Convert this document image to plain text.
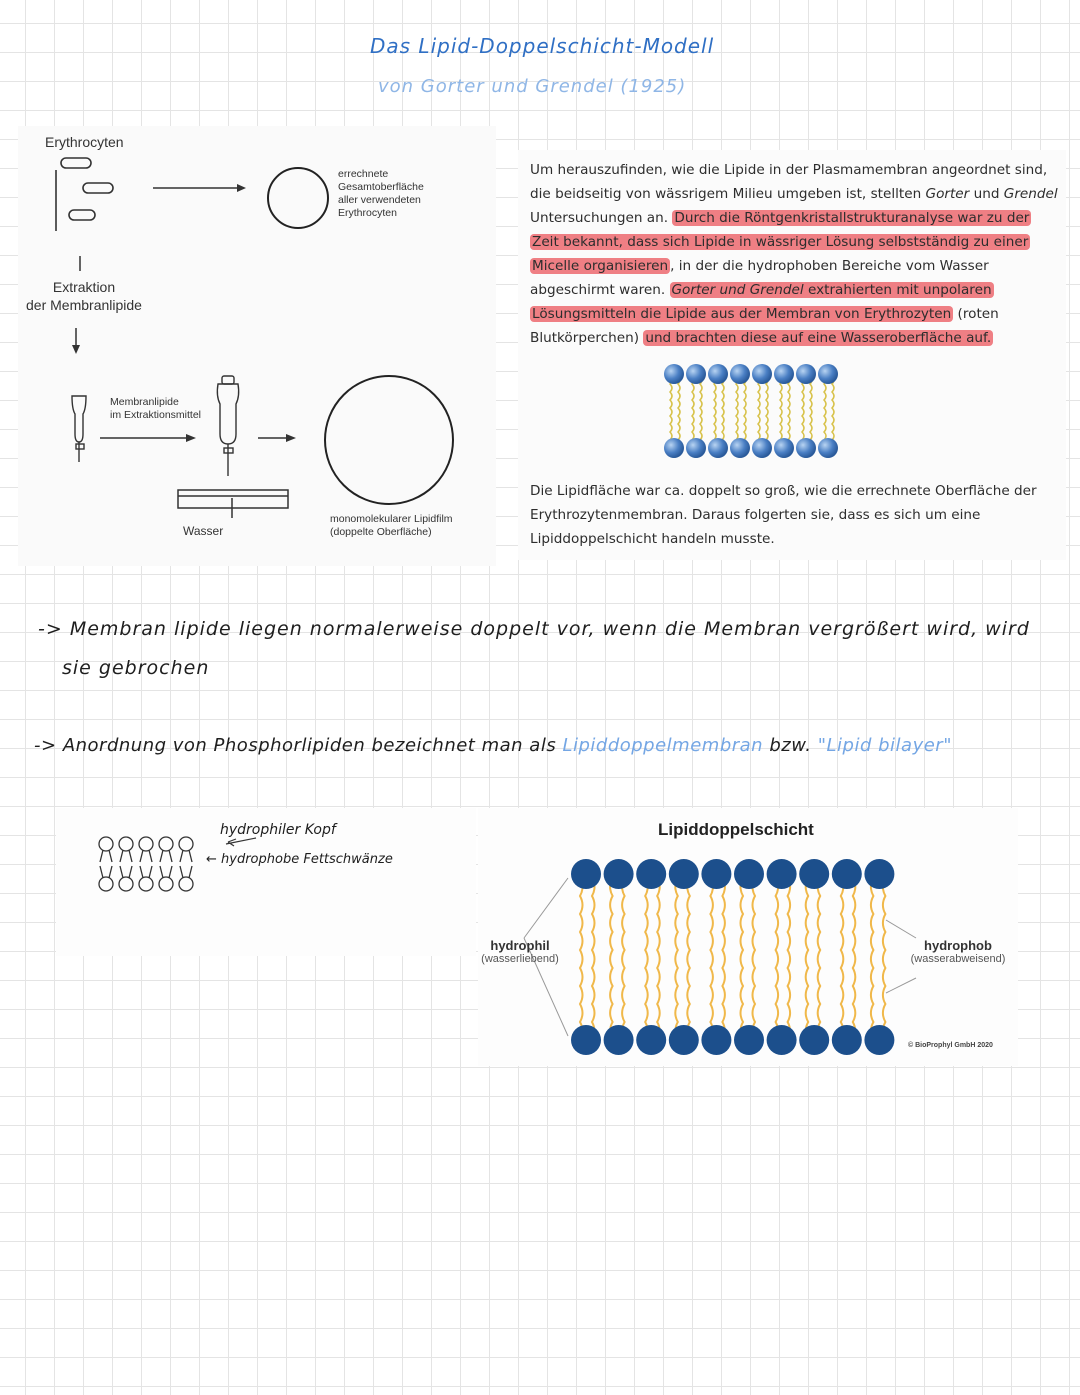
Das Lipid-Doppelschicht-Modell
von Gorter und Grendel (1925)
Erythrocyten
errechnete
Gesamtoberfläche
aller verwendeten
Erythrocyten
Extraktion
der Membranlipide
Membranlipide
im Extraktionsmittel
Wasser
monomolekularer Lipidfilm
(doppelte Oberfläche)
Um herauszufinden, wie die Lipide in der Plasmamembran angeordnet sind, die beidseitig von wässrigem Milieu umgeben ist, stellten Gorter und Grendel Untersuchungen an. Durch die Röntgenkristallstrukturanalyse war zu der Zeit bekannt, dass sich Lipide in wässriger Lösung selbstständig zu einer Micelle organisieren , in der die hydrophoben Bereiche vom Wasser abgeschirmt waren. Gorter und Grendel extrahierten mit unpolaren Lösungsmitteln die Lipide aus der Membran von Erythrozyten (roten Blutkörperchen) und brachten diese auf eine Wasseroberfläche auf.
Die Lipidfläche war ca. doppelt so groß, wie die errechnete Oberfläche der Erythrozytenmembran. Daraus folgerten sie, dass es sich um eine Lipiddoppelschicht handeln musste.
-> Membran lipide liegen normalerweise doppelt vor, wenn die Membran vergrößert wird, wird
sie gebrochen
-> Anordnung von Phosphorlipiden bezeichnet man als Lipiddoppelmembran bzw. "Lipid bilayer"
hydrophiler Kopf
← hydrophobe Fettschwänze
Lipiddoppelschicht
hydrophil
(wasserliebend)
hydrophob
(wasserabweisend)
© BioProphyl GmbH 2020
